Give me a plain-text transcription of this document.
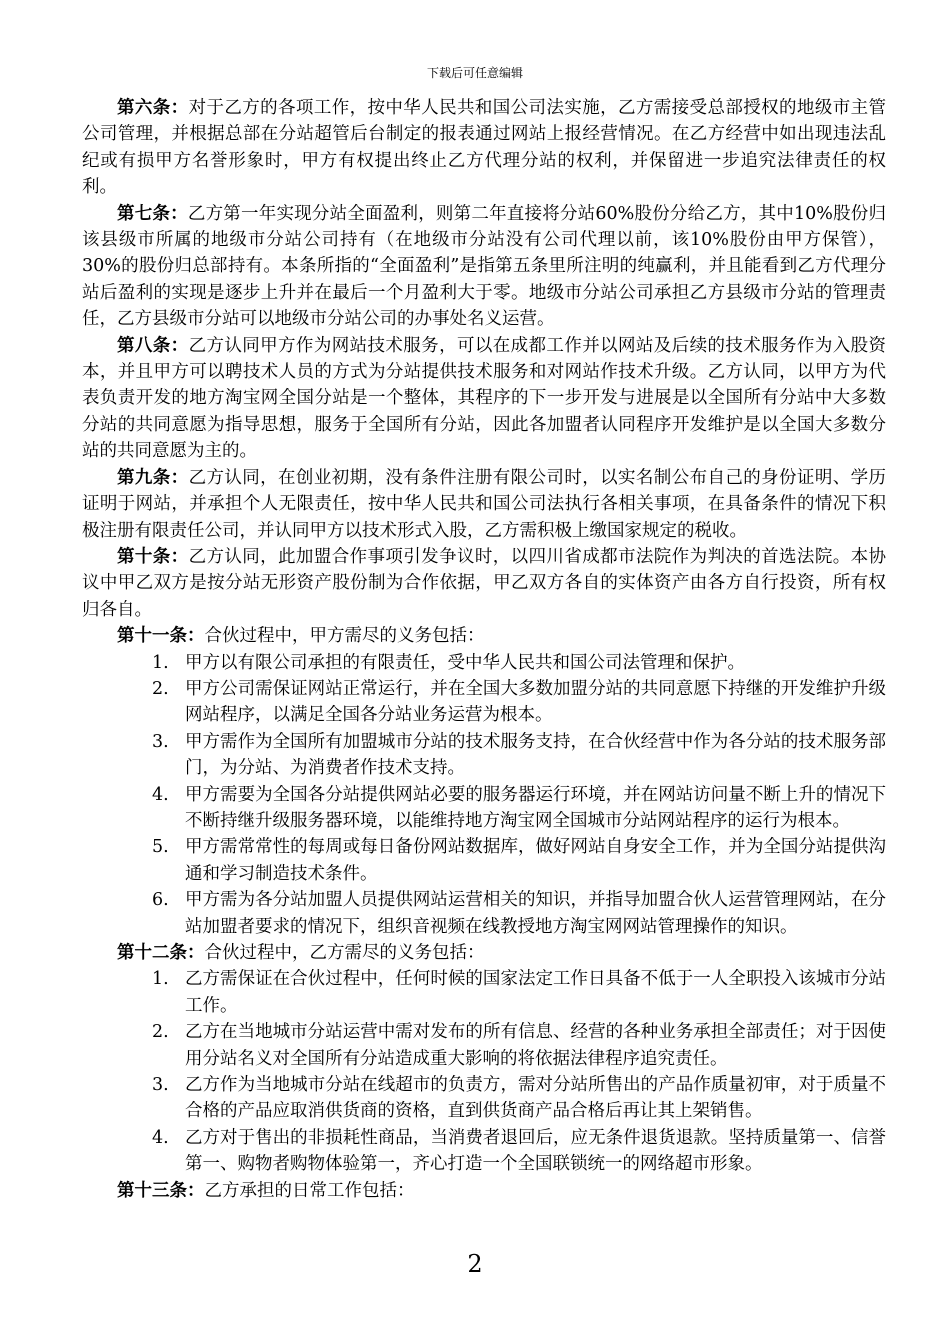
下载后可任意编辑

第六条：对于乙方的各项工作，按中华人民共和国公司法实施，乙方需接受总部授权的地级市主管公司管理，并根据总部在分站超管后台制定的报表通过网站上报经营情况。在乙方经营中如出现违法乱纪或有损甲方名誉形象时，甲方有权提出终止乙方代理分站的权利，并保留进一步追究法律责任的权利。

第七条：乙方第一年实现分站全面盈利，则第二年直接将分站60%股份分给乙方，其中10%股份归该县级市所属的地级市分站公司持有（在地级市分站没有公司代理以前，该10%股份由甲方保管），30%的股份归总部持有。本条所指的“全面盈利”是指第五条里所注明的纯赢利，并且能看到乙方代理分站后盈利的实现是逐步上升并在最后一个月盈利大于零。地级市分站公司承担乙方县级市分站的管理责任，乙方县级市分站可以地级市分站公司的办事处名义运营。

第八条：乙方认同甲方作为网站技术服务，可以在成都工作并以网站及后续的技术服务作为入股资本，并且甲方可以聘技术人员的方式为分站提供技术服务和对网站作技术升级。乙方认同，以甲方为代表负责开发的地方淘宝网全国分站是一个整体，其程序的下一步开发与进展是以全国所有分站中大多数分站的共同意愿为指导思想，服务于全国所有分站，因此各加盟者认同程序开发维护是以全国大多数分站的共同意愿为主的。

第九条：乙方认同，在创业初期，没有条件注册有限公司时，以实名制公布自己的身份证明、学历证明于网站，并承担个人无限责任，按中华人民共和国公司法执行各相关事项，在具备条件的情况下积极注册有限责任公司，并认同甲方以技术形式入股，乙方需积极上缴国家规定的税收。

第十条：乙方认同，此加盟合作事项引发争议时，以四川省成都市法院作为判决的首选法院。本协议中甲乙双方是按分站无形资产股份制为合作依据，甲乙双方各自的实体资产由各方自行投资，所有权归各自。

第十一条：合伙过程中，甲方需尽的义务包括：

1. 甲方以有限公司承担的有限责任，受中华人民共和国公司法管理和保护。
2. 甲方公司需保证网站正常运行，并在全国大多数加盟分站的共同意愿下持继的开发维护升级网站程序，以满足全国各分站业务运营为根本。
3. 甲方需作为全国所有加盟城市分站的技术服务支持，在合伙经营中作为各分站的技术服务部门，为分站、为消费者作技术支持。
4. 甲方需要为全国各分站提供网站必要的服务器运行环境，并在网站访问量不断上升的情况下不断持继升级服务器环境，以能维持地方淘宝网全国城市分站网站程序的运行为根本。
5. 甲方需常常性的每周或每日备份网站数据库，做好网站自身安全工作，并为全国分站提供沟通和学习制造技术条件。
6. 甲方需为各分站加盟人员提供网站运营相关的知识，并指导加盟合伙人运营管理网站，在分站加盟者要求的情况下，组织音视频在线教授地方淘宝网网站管理操作的知识。

第十二条：合伙过程中，乙方需尽的义务包括：

1. 乙方需保证在合伙过程中，任何时候的国家法定工作日具备不低于一人全职投入该城市分站工作。
2. 乙方在当地城市分站运营中需对发布的所有信息、经营的各种业务承担全部责任；对于因使用分站名义对全国所有分站造成重大影响的将依据法律程序追究责任。
3. 乙方作为当地城市分站在线超市的负责方，需对分站所售出的产品作质量初审，对于质量不合格的产品应取消供货商的资格，直到供货商产品合格后再让其上架销售。
4. 乙方对于售出的非损耗性商品，当消费者退回后，应无条件退货退款。坚持质量第一、信誉第一、购物者购物体验第一，齐心打造一个全国联锁统一的网络超市形象。

第十三条：乙方承担的日常工作包括：

2
